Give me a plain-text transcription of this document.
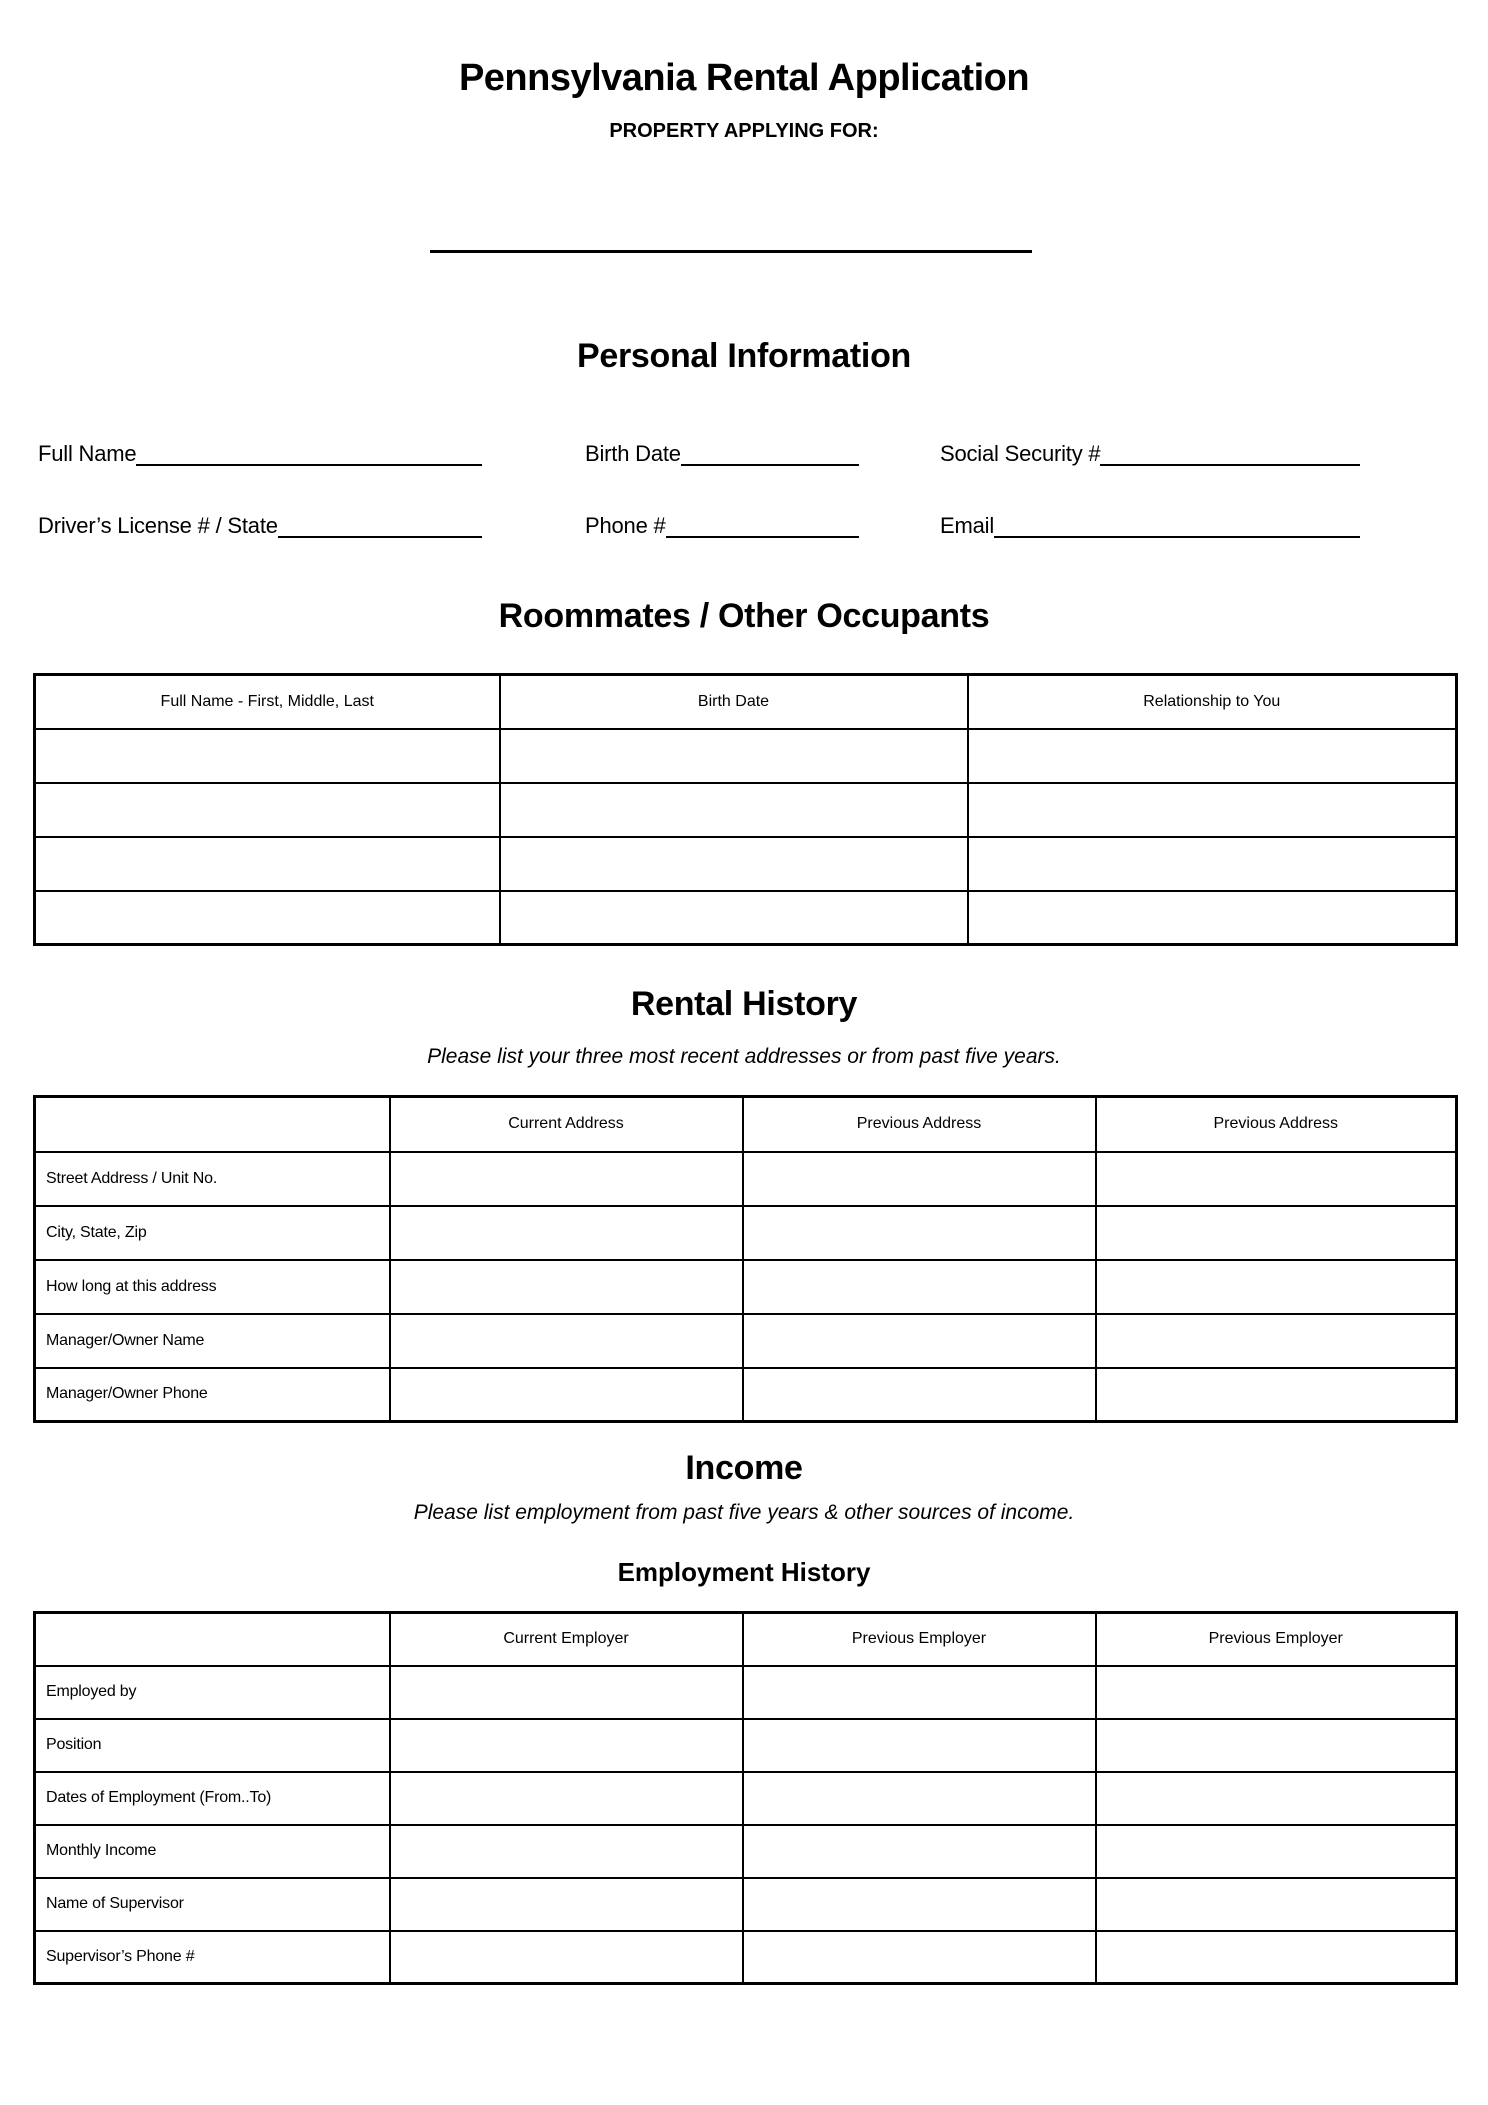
Pennsylvania Rental Application
PROPERTY APPLYING FOR:
Personal Information
Full Name	Birth Date	Social Security #
Driver’s License # / State	Phone #	Email
Roommates / Other Occupants
Full Name - First, Middle, Last	Birth Date	Relationship to You

Rental History
Please list your three most recent addresses or from past five years.
	Current Address	Previous Address	Previous Address
Street Address / Unit No.			
City, State, Zip			
How long at this address			
Manager/Owner Name			
Manager/Owner Phone			
Income
Please list employment from past five years & other sources of income.
Employment History
	Current Employer	Previous Employer	Previous Employer
Employed by			
Position			
Dates of Employment (From..To)			
Monthly Income			
Name of Supervisor			
Supervisor’s Phone #			
